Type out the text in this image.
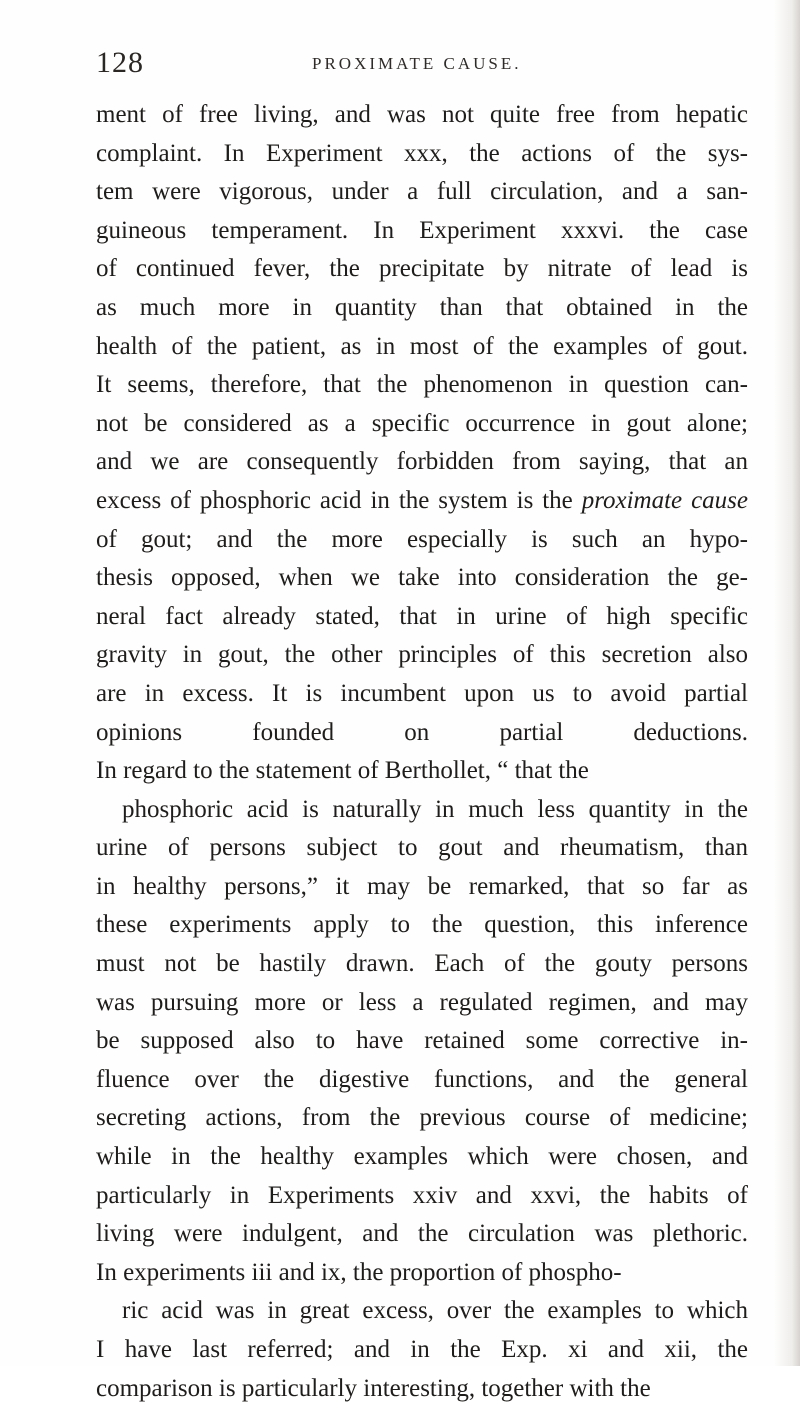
128	PROXIMATE CAUSE.
ment of free living, and was not quite free from hepatic
complaint. In Experiment xxx, the actions of the sys-
tem were vigorous, under a full circulation, and a san-
guineous temperament. In Experiment xxxvi. the case
of continued fever, the precipitate by nitrate of lead is
as much more in quantity than that obtained in the
health of the patient, as in most of the examples of gout.
It seems, therefore, that the phenomenon in question can-
not be considered as a specific occurrence in gout alone;
and we are consequently forbidden from saying, that an
excess of phosphoric acid in the system is the proximate cause
of gout; and the more especially is such an hypo-
thesis opposed, when we take into consideration the ge-
neral fact already stated, that in urine of high specific
gravity in gout, the other principles of this secretion also
are in excess. It is incumbent upon us to avoid partial
opinions founded on partial deductions.
In regard to the statement of Berthollet, “ that the
phosphoric acid is naturally in much less quantity in the
urine of persons subject to gout and rheumatism, than
in healthy persons,” it may be remarked, that so far as
these experiments apply to the question, this inference
must not be hastily drawn. Each of the gouty persons
was pursuing more or less a regulated regimen, and may
be supposed also to have retained some corrective in-
fluence over the digestive functions, and the general
secreting actions, from the previous course of medicine;
while in the healthy examples which were chosen, and
particularly in Experiments xxiv and xxvi, the habits of
living were indulgent, and the circulation was plethoric.
In experiments iii and ix, the proportion of phospho-
ric acid was in great excess, over the examples to which
I have last referred; and in the Exp. xi and xii, the
comparison is particularly interesting, together with the
